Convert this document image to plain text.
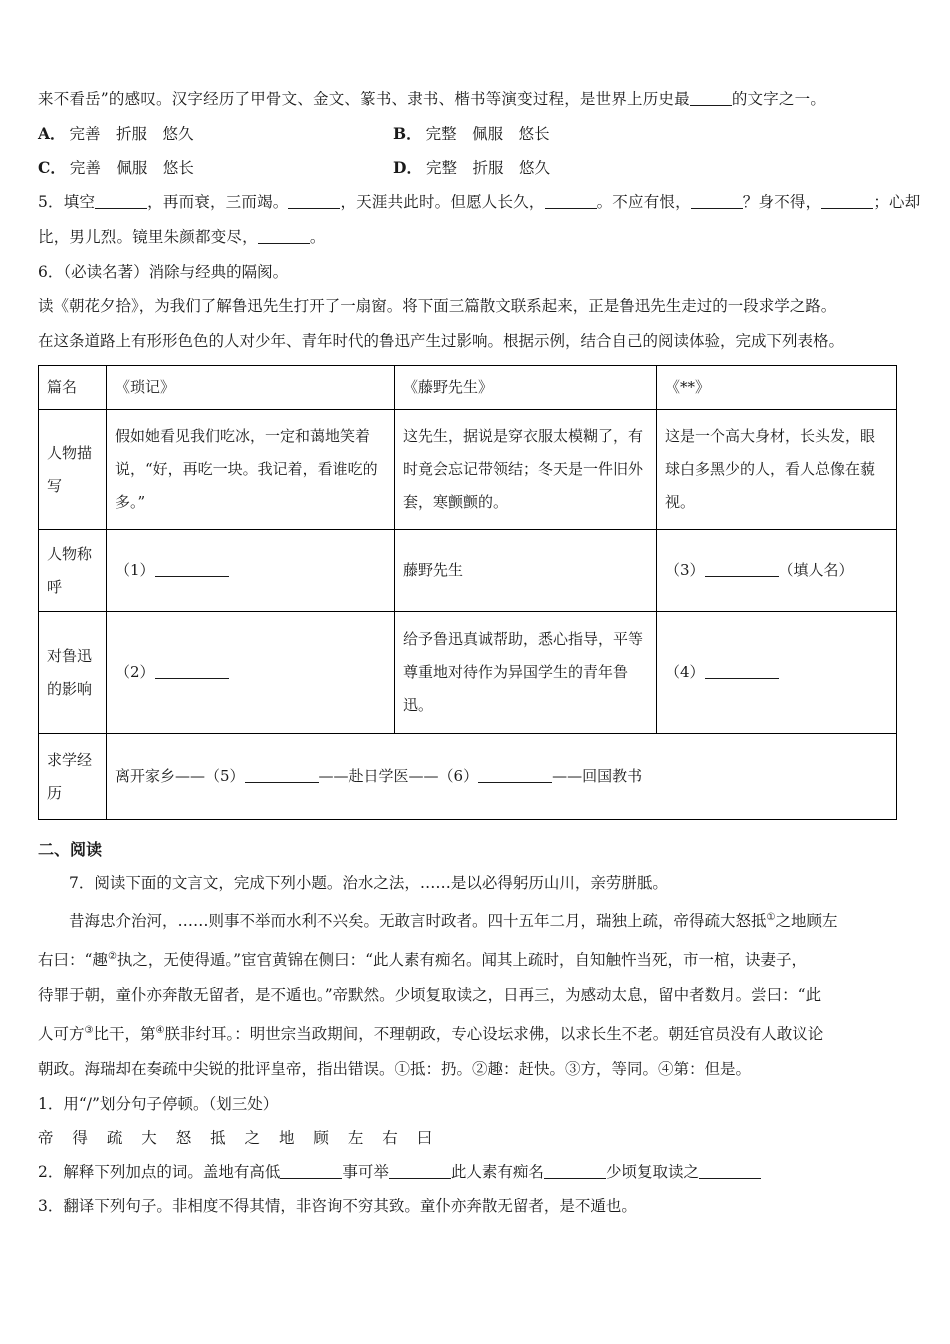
来不看岳”的感叹。汉字经历了甲骨文、金文、篆书、隶书、楷书等演变过程，是世界上历史最	的文字之一。
A． 完善　折服　悠久	B． 完整　佩服　悠长
C． 完善　佩服　悠长	D． 完整　折服　悠久
5．填空	，再而衰，三而竭。	，天涯共此时。但愿人长久，	。不应有恨，	？身不得，	；心却
比，男儿烈。镜里朱颜都变尽，	。
6．（必读名著）消除与经典的隔阂。
读《朝花夕拾》，为我们了解鲁迅先生打开了一扇窗。将下面三篇散文联系起来，正是鲁迅先生走过的一段求学之路。
在这条道路上有形形色色的人对少年、青年时代的鲁迅产生过影响。根据示例，结合自己的阅读体验，完成下列表格。
篇名	《琐记》	《藤野先生》	《**》
人物描写	假如她看见我们吃冰，一定和蔼地笑着说，“好，再吃一块。我记着，看谁吃的多。”	这先生，据说是穿衣服太模糊了，有时竟会忘记带领结；冬天是一件旧外套，寒颤颤的。	这是一个高大身材，长头发，眼球白多黑少的人，看人总像在藐视。
人物称呼	（1）	藤野先生	（3） （填人名）
对鲁迅的影响	（2）	给予鲁迅真诚帮助，悉心指导，平等尊重地对待作为异国学生的青年鲁迅。	（4）
求学经历	离开家乡——（5） ——赴日学医——（6） ——回国教书		
二、阅读
7．阅读下面的文言文，完成下列小题。治水之法，……是以必得躬历山川，亲劳胼胝。
昔海忠介治河，……则事不举而水利不兴矣。无敢言时政者。四十五年二月，瑞独上疏，帝得疏大怒抵①之地顾左
右曰：“趣②执之，无使得遁。”宦官黄锦在侧曰：“此人素有痴名。闻其上疏时，自知触忤当死，市一棺，诀妻子，
待罪于朝，童仆亦奔散无留者，是不遁也。”帝默然。少顷复取读之，日再三，为感动太息，留中者数月。尝曰：“此
人可方③比干，第④朕非纣耳。：明世宗当政期间，不理朝政，专心设坛求佛，以求长生不老。朝廷官员没有人敢议论
朝政。海瑞却在奏疏中尖锐的批评皇帝，指出错误。①抵：扔。②趣：赶快。③方，等同。④第：但是。
1．用“/”划分句子停顿。（划三处）
帝 得 疏 大 怒 抵 之 地 顾 左 右 曰
2．解释下列加点的词。盖地有高低	事可举	此人素有痴名	少顷复取读之
3．翻译下列句子。非相度不得其情，非咨询不穷其致。童仆亦奔散无留者，是不遁也。
